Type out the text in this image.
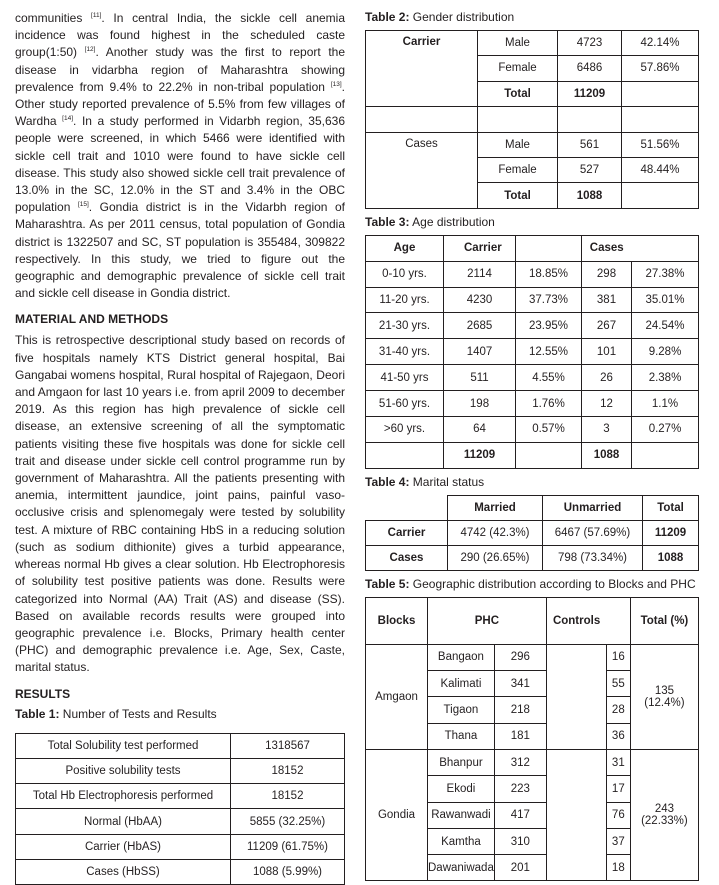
communities [11]. In central India, the sickle cell anemia incidence was found highest in the scheduled caste group(1:50) [12]. Another study was the first to report the disease in vidarbha region of Maharashtra showing prevalence from 9.4% to 22.2% in non-tribal population [13]. Other study reported prevalence of 5.5% from few villages of Wardha [14]. In a study performed in Vidarbh region, 35,636 people were screened, in which 5466 were identified with sickle cell trait and 1010 were found to have sickle cell disease. This study also showed sickle cell trait prevalence of 13.0% in the SC, 12.0% in the ST and 3.4% in the OBC population [15]. Gondia district is in the Vidarbh region of Maharashtra. As per 2011 census, total population of Gondia district is 1322507 and SC, ST population is 355484, 309822 respectively. In this study, we tried to figure out the geographic and demographic prevalence of sickle cell trait and sickle cell disease in Gondia district.

MATERIAL AND METHODS

This is retrospective descriptional study based on records of five hospitals namely KTS District general hospital, Bai Gangabai womens hospital, Rural hospital of Rajegaon, Deori and Amgaon for last 10 years i.e. from april 2009 to december 2019. As this region has high prevalence of sickle cell disease, an extensive screening of all the symptomatic patients visiting these five hospitals was done for sickle cell trait and disease under sickle cell control programme run by government of Maharashtra. All the patients presenting with anemia, intermittent jaundice, joint pains, painful vaso-occlusive crisis and splenomegaly were tested by solubility test. A mixture of RBC containing HbS in a reducing solution (such as sodium dithionite) gives a turbid appearance, whereas normal Hb gives a clear solution. Hb Electrophoresis of solubility test positive patients was done. Results were categorized into Normal (AA) Trait (AS) and disease (SS). Based on available records results were grouped into geographic prevalence i.e. Blocks, Primary health center (PHC) and demographic prevalence i.e. Age, Sex, Caste, marital status.

RESULTS
Table 1: Number of Tests and Results
Total Solubility test performed	1318567
Positive solubility tests	18152
Total Hb Electrophoresis performed	18152
Normal (HbAA)	5855 (32.25%)
Carrier (HbAS)	11209 (61.75%)
Cases (HbSS)	1088 (5.99%)
Table 2: Gender distribution
Carrier	Male	4723	42.14%
	Female	6486	57.86%
	Total	11209	

Cases	Male	561	51.56%
	Female	527	48.44%
	Total	1088	
Table 3: Age distribution
Age	Carrier		Cases	
0-10 yrs.	2114	18.85%	298	27.38%
11-20 yrs.	4230	37.73%	381	35.01%
21-30 yrs.	2685	23.95%	267	24.54%
31-40 yrs.	1407	12.55%	101	9.28%
41-50 yrs	511	4.55%	26	2.38%
51-60 yrs.	198	1.76%	12	1.1%
>60 yrs.	64	0.57%	3	0.27%
	11209		1088	
Table 4: Marital status
	Married	Unmarried	Total
Carrier	4742 (42.3%)	6467 (57.69%)	11209
Cases	290 (26.65%)	798 (73.34%)	1088
Table 5: Geographic distribution according to Blocks and PHC
Blocks	PHC		Controls		Total (%)
Amgaon	Bangaon	296		16	135
(12.4%)

	Kalimati	341		55	
	Tigaon	218		28	
	Thana	181		36	
Gondia	Bhanpur	312		31	243
(22.33%)

	Ekodi	223		17	
	Rawanwadi	417		76	
	Kamtha	310		37	
	Dawaniwada	201		18	
